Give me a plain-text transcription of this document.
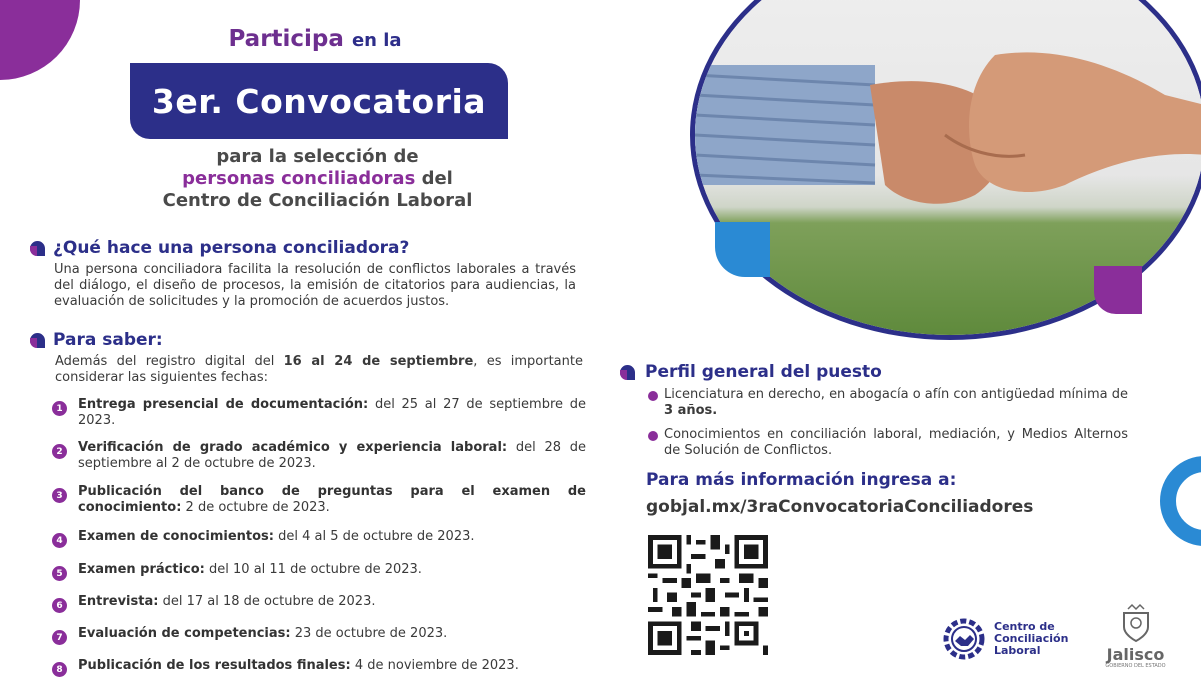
Participa en la
3er. Convocatoria
para la selección de
personas conciliadoras del
Centro de Conciliación Laboral
¿Qué hace una persona conciliadora?
Una persona conciliadora facilita la resolución de conflictos laborales a través del diálogo, el diseño de procesos, la emisión de citatorios para audiencias, la evaluación de solicitudes y la promoción de acuerdos justos.
Para saber:
Además del registro digital del 16 al 24 de septiembre, es importante considerar las siguientes fechas:
1	Entrega presencial de documentación: del 25 al 27 de septiembre de 2023.
2	Verificación de grado académico y experiencia laboral: del 28 de septiembre al 2 de octubre de 2023.
3	Publicación del banco de preguntas para el examen de conocimiento: 2 de octubre de 2023.
4	Examen de conocimientos: del 4 al 5 de octubre de 2023.
5	Examen práctico: del 10 al 11 de octubre de 2023.
6	Entrevista: del 17 al 18 de octubre de 2023.
7	Evaluación de competencias: 23 de octubre de 2023.
8	Publicación de los resultados finales: 4 de noviembre de 2023.
Perfil general del puesto
Licenciatura en derecho, en abogacía o afín con antigüedad mínima de 3 años.
Conocimientos en conciliación laboral, mediación, y Medios Alternos de Solución de Conflictos.
Para más información ingresa a:
gobjal.mx/3raConvocatoriaConciliadores
Centro de
Conciliación
Laboral	Jalisco
GOBIERNO DEL ESTADO
